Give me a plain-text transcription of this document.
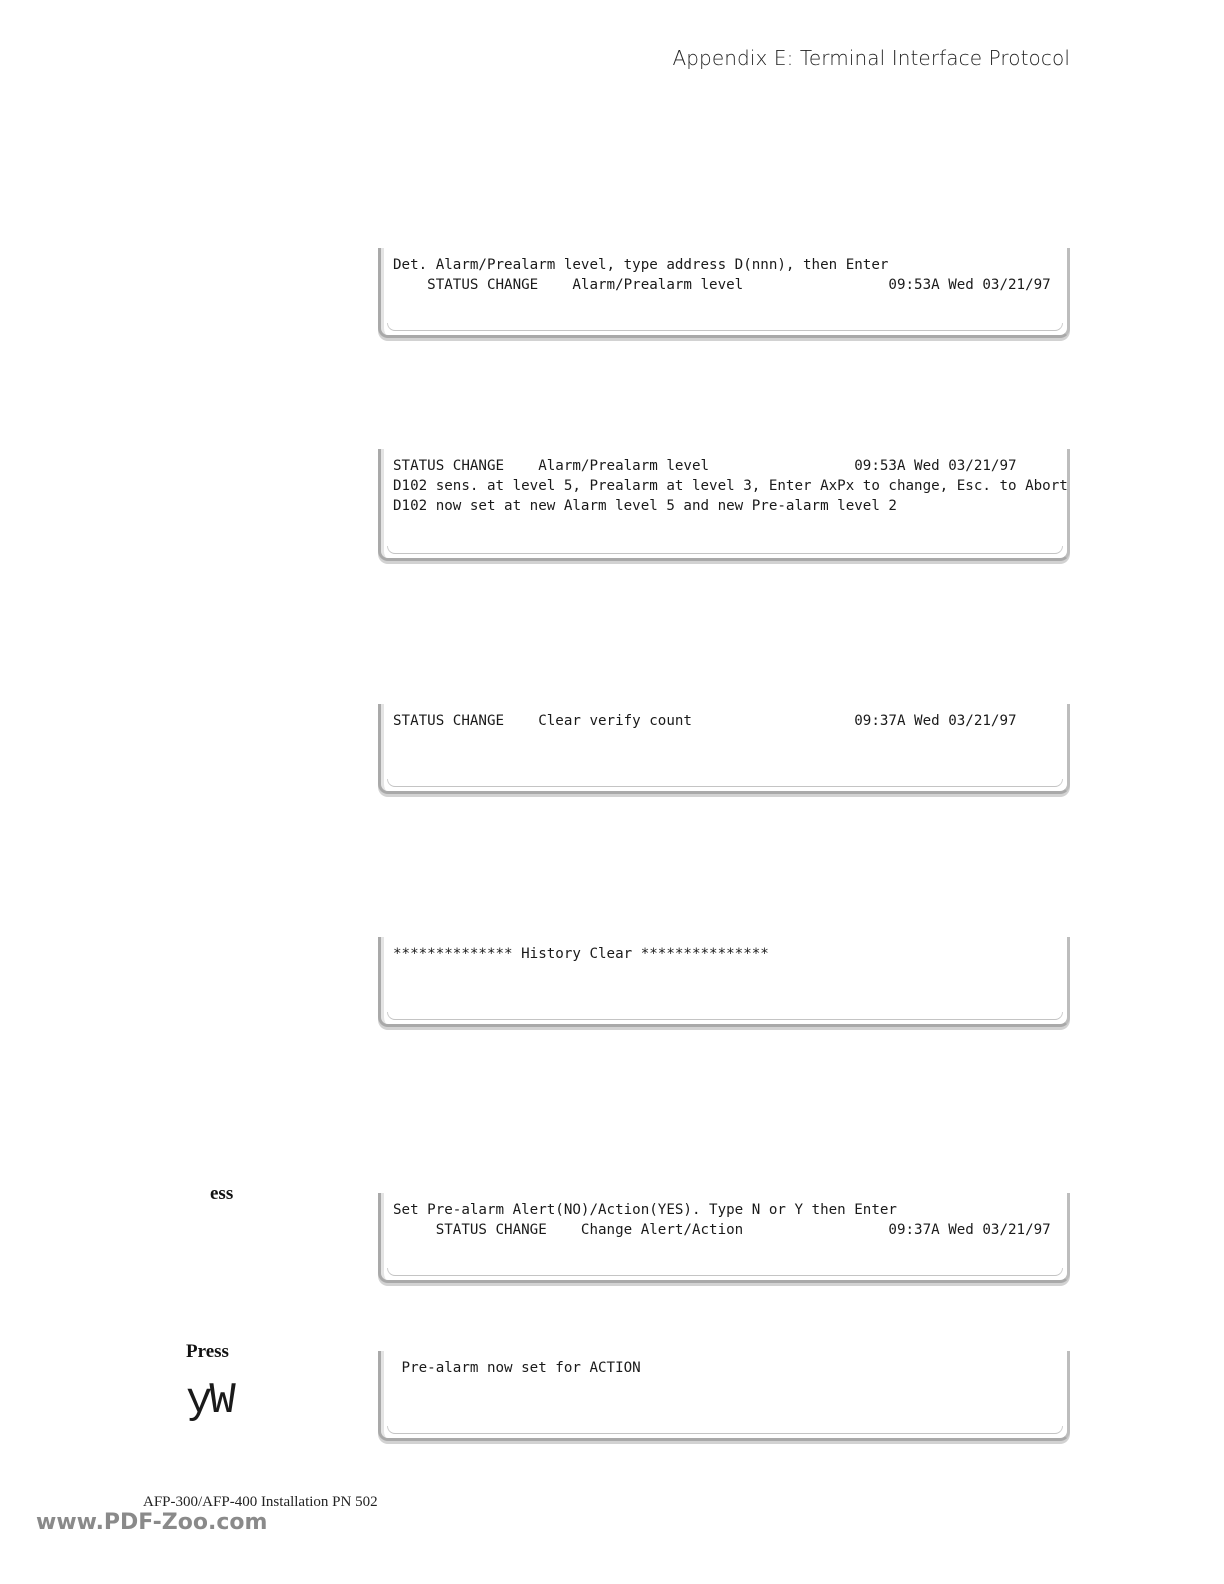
Appendix E: Terminal Interface Protocol
Det. Alarm/Prealarm level, type address D(nnn), then Enter
STATUS CHANGE    Alarm/Prealarm level                 09:53A Wed 03/21/97
STATUS CHANGE    Alarm/Prealarm level                 09:53A Wed 03/21/97
D102 sens. at level 5, Prealarm at level 3, Enter AxPx to change, Esc. to Abort
D102 now set at new Alarm level 5 and new Pre-alarm level 2
STATUS CHANGE    Clear verify count                   09:37A Wed 03/21/97
************** History Clear ***************
ess
Set Pre-alarm Alert(NO)/Action(YES). Type N or Y then Enter
STATUS CHANGE    Change Alert/Action                 09:37A Wed 03/21/97
Press
yW
Pre-alarm now set for ACTION
AFP-300/AFP-400 Installation PN 502
www.PDF-Zoo.com
